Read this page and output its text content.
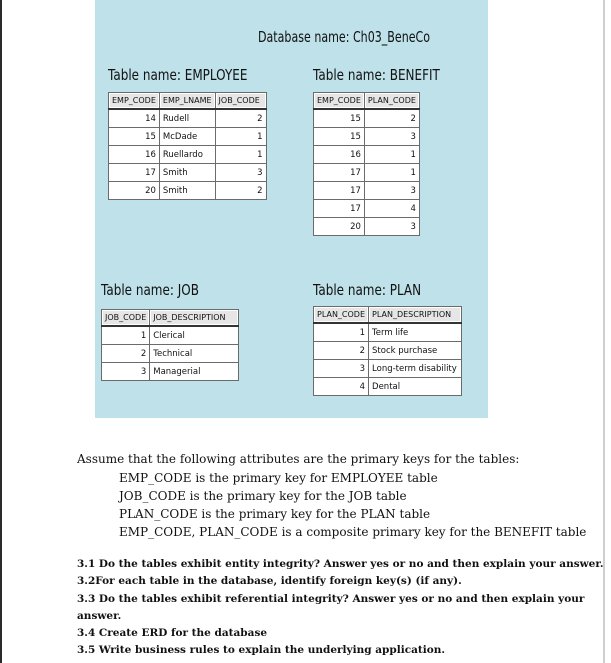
Database name: Ch03_BeneCo
Table name: EMPLOYEE
EMP_CODE	EMP_LNAME	JOB_CODE
14	Rudell	2
15	McDade	1
16	Ruellardo	1
17	Smith	3
20	Smith	2
Table name: BENEFIT
EMP_CODE	PLAN_CODE
15	2
15	3
16	1
17	1
17	3
17	4
20	3
Table name: JOB
JOB_CODE	JOB_DESCRIPTION
1	Clerical
2	Technical
3	Managerial
Table name: PLAN
PLAN_CODE	PLAN_DESCRIPTION
1	Term life
2	Stock purchase
3	Long-term disability
4	Dental
Assume that the following attributes are the primary keys for the tables:
EMP_CODE is the primary key for EMPLOYEE table
JOB_CODE is the primary key for the JOB table
PLAN_CODE is the primary key for the PLAN table
EMP_CODE, PLAN_CODE is a composite primary key for the BENEFIT table
3.1 Do the tables exhibit entity integrity? Answer yes or no and then explain your answer.
3.2For each table in the database, identify foreign key(s) (if any).
3.3 Do the tables exhibit referential integrity? Answer yes or no and then explain your
answer.
3.4 Create ERD for the database
3.5 Write business rules to explain the underlying application.
